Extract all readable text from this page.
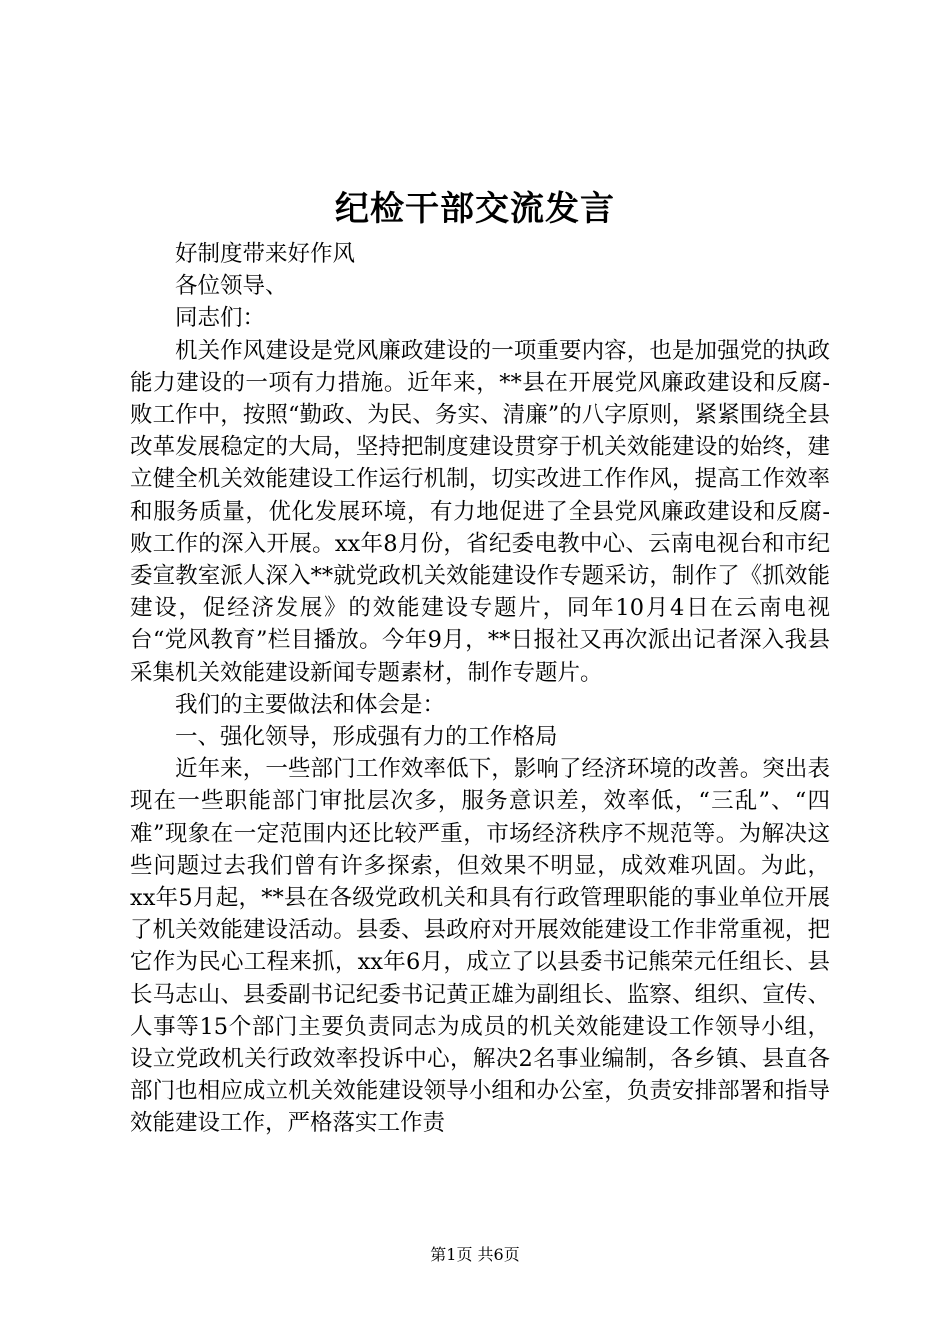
纪检干部交流发言

好制度带来好作风

各位领导、

同志们：

机关作风建设是党风廉政建设的一项重要内容，也是加强党的执政能力建设的一项有力措施。近年来，**县在开展党风廉政建设和反腐-败工作中，按照“勤政、为民、务实、清廉”的八字原则，紧紧围绕全县改革发展稳定的大局，坚持把制度建设贯穿于机关效能建设的始终，建立健全机关效能建设工作运行机制，切实改进工作作风，提高工作效率和服务质量，优化发展环境，有力地促进了全县党风廉政建设和反腐-败工作的深入开展。xx年8月份，省纪委电教中心、云南电视台和市纪委宣教室派人深入**就党政机关效能建设作专题采访，制作了《抓效能建设，促经济发展》的效能建设专题片，同年10月4日在云南电视台“党风教育”栏目播放。今年9月，**日报社又再次派出记者深入我县采集机关效能建设新闻专题素材，制作专题片。

我们的主要做法和体会是：

一、强化领导，形成强有力的工作格局

近年来，一些部门工作效率低下，影响了经济环境的改善。突出表现在一些职能部门审批层次多，服务意识差，效率低，“三乱”、“四难”现象在一定范围内还比较严重，市场经济秩序不规范等。为解决这些问题过去我们曾有许多探索，但效果不明显，成效难巩固。为此，xx年5月起，**县在各级党政机关和具有行政管理职能的事业单位开展了机关效能建设活动。县委、县政府对开展效能建设工作非常重视，把它作为民心工程来抓，xx年6月，成立了以县委书记熊荣元任组长、县长马志山、县委副书记纪委书记黄正雄为副组长、监察、组织、宣传、人事等15个部门主要负责同志为成员的机关效能建设工作领导小组，设立党政机关行政效率投诉中心，解决2名事业编制，各乡镇、县直各部门也相应成立机关效能建设领导小组和办公室，负责安排部署和指导效能建设工作，严格落实工作责

第1页 共6页
